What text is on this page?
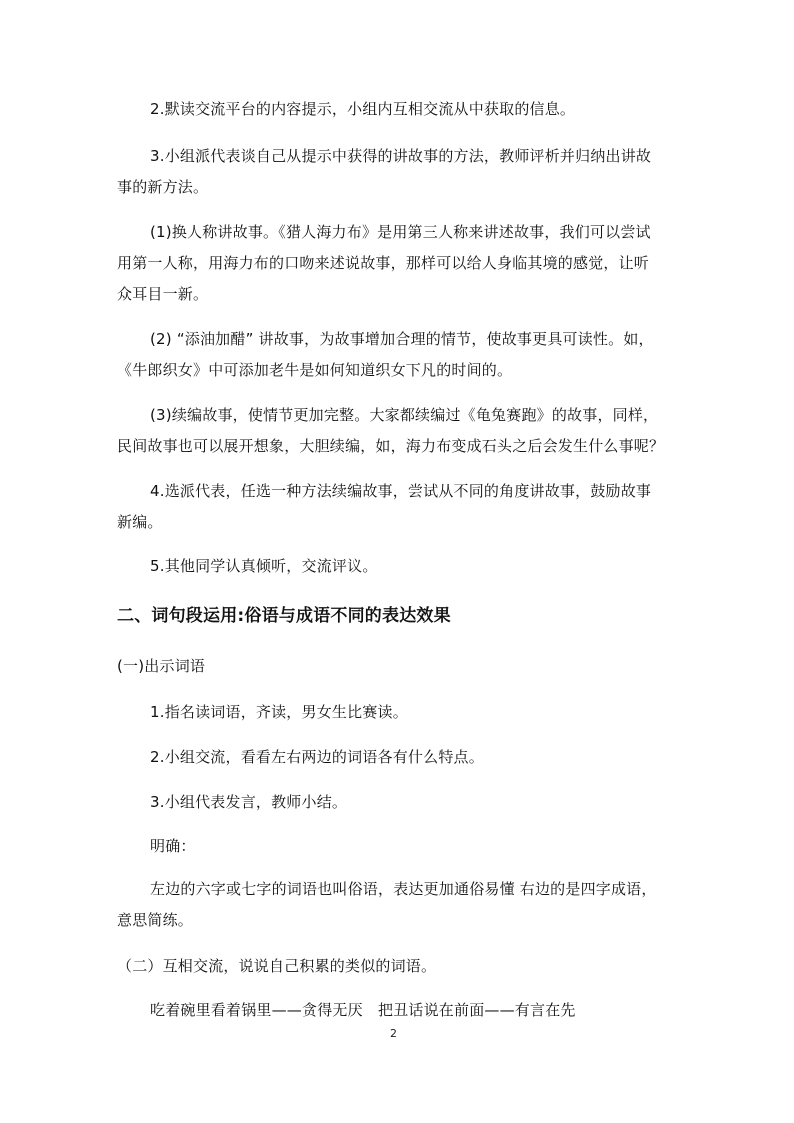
2.默读交流平台的内容提示，小组内互相交流从中获取的信息。
3.小组派代表谈自己从提示中获得的讲故事的方法，教师评析并归纳出讲故
事的新方法。
(1)换人称讲故事。《猎人海力布》是用第三人称来讲述故事，我们可以尝试
用第一人称，用海力布的口吻来述说故事，那样可以给人身临其境的感觉，让听
众耳目一新。
(2) “添油加醋” 讲故事，为故事增加合理的情节，使故事更具可读性。如，
《牛郎织女》中可添加老牛是如何知道织女下凡的时间的。
(3)续编故事，使情节更加完整。大家都续编过《龟兔赛跑》的故事，同样，
民间故事也可以展开想象，大胆续编，如，海力布变成石头之后会发生什么事呢？
4.选派代表，任选一种方法续编故事，尝试从不同的角度讲故事，鼓励故事
新编。
5.其他同学认真倾听，交流评议。
二、词句段运用:俗语与成语不同的表达效果
(一)出示词语
1.指名读词语，齐读，男女生比赛读。
2.小组交流，看看左右两边的词语各有什么特点。
3.小组代表发言，教师小结。
明确：
左边的六字或七字的词语也叫俗语，表达更加通俗易懂 右边的是四字成语，
意思简练。
（二）互相交流，说说自己积累的类似的词语。
吃着碗里看着锅里——贪得无厌　把丑话说在前面——有言在先
2
